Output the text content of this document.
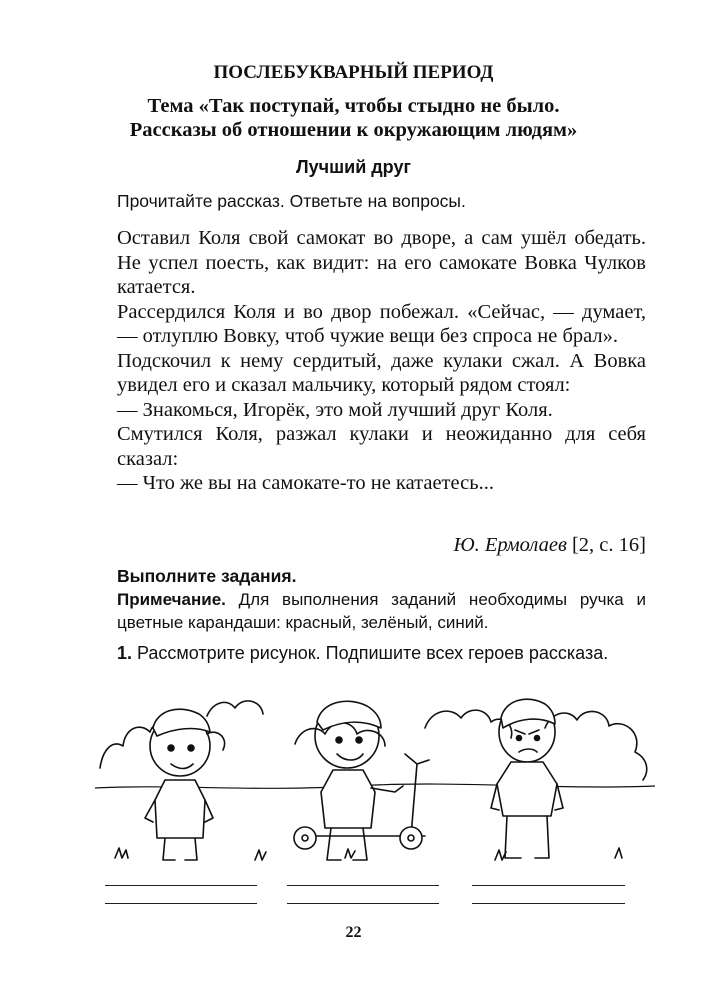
ПОСЛЕБУКВАРНЫЙ ПЕРИОД
Тема «Так поступай, чтобы стыдно не было.
Рассказы об отношении к окружающим людям»
Лучший друг
Прочитайте рассказ. Ответьте на вопросы.

Оставил Коля свой самокат во дворе, а сам ушёл обедать. Не успел поесть, как видит: на его самокате Вовка Чулков катается.

Рассердился Коля и во двор побежал. «Сейчас, — думает, — отлуплю Вовку, чтоб чужие вещи без спроса не брал».

Подскочил к нему сердитый, даже кулаки сжал. А Вовка увидел его и сказал мальчику, который рядом стоял:

— Знакомься, Игорёк, это мой лучший друг Коля.

Смутился Коля, разжал кулаки и неожиданно для себя сказал:

— Что же вы на самокате-то не катаетесь...

Ю. Ермолаев [2, с. 16]
Выполните задания.
Примечание. Для выполнения заданий необходимы ручка и цветные карандаши: красный, зелёный, синий.
1. Рассмотрите рисунок. Подпишите всех героев рассказа.
22
